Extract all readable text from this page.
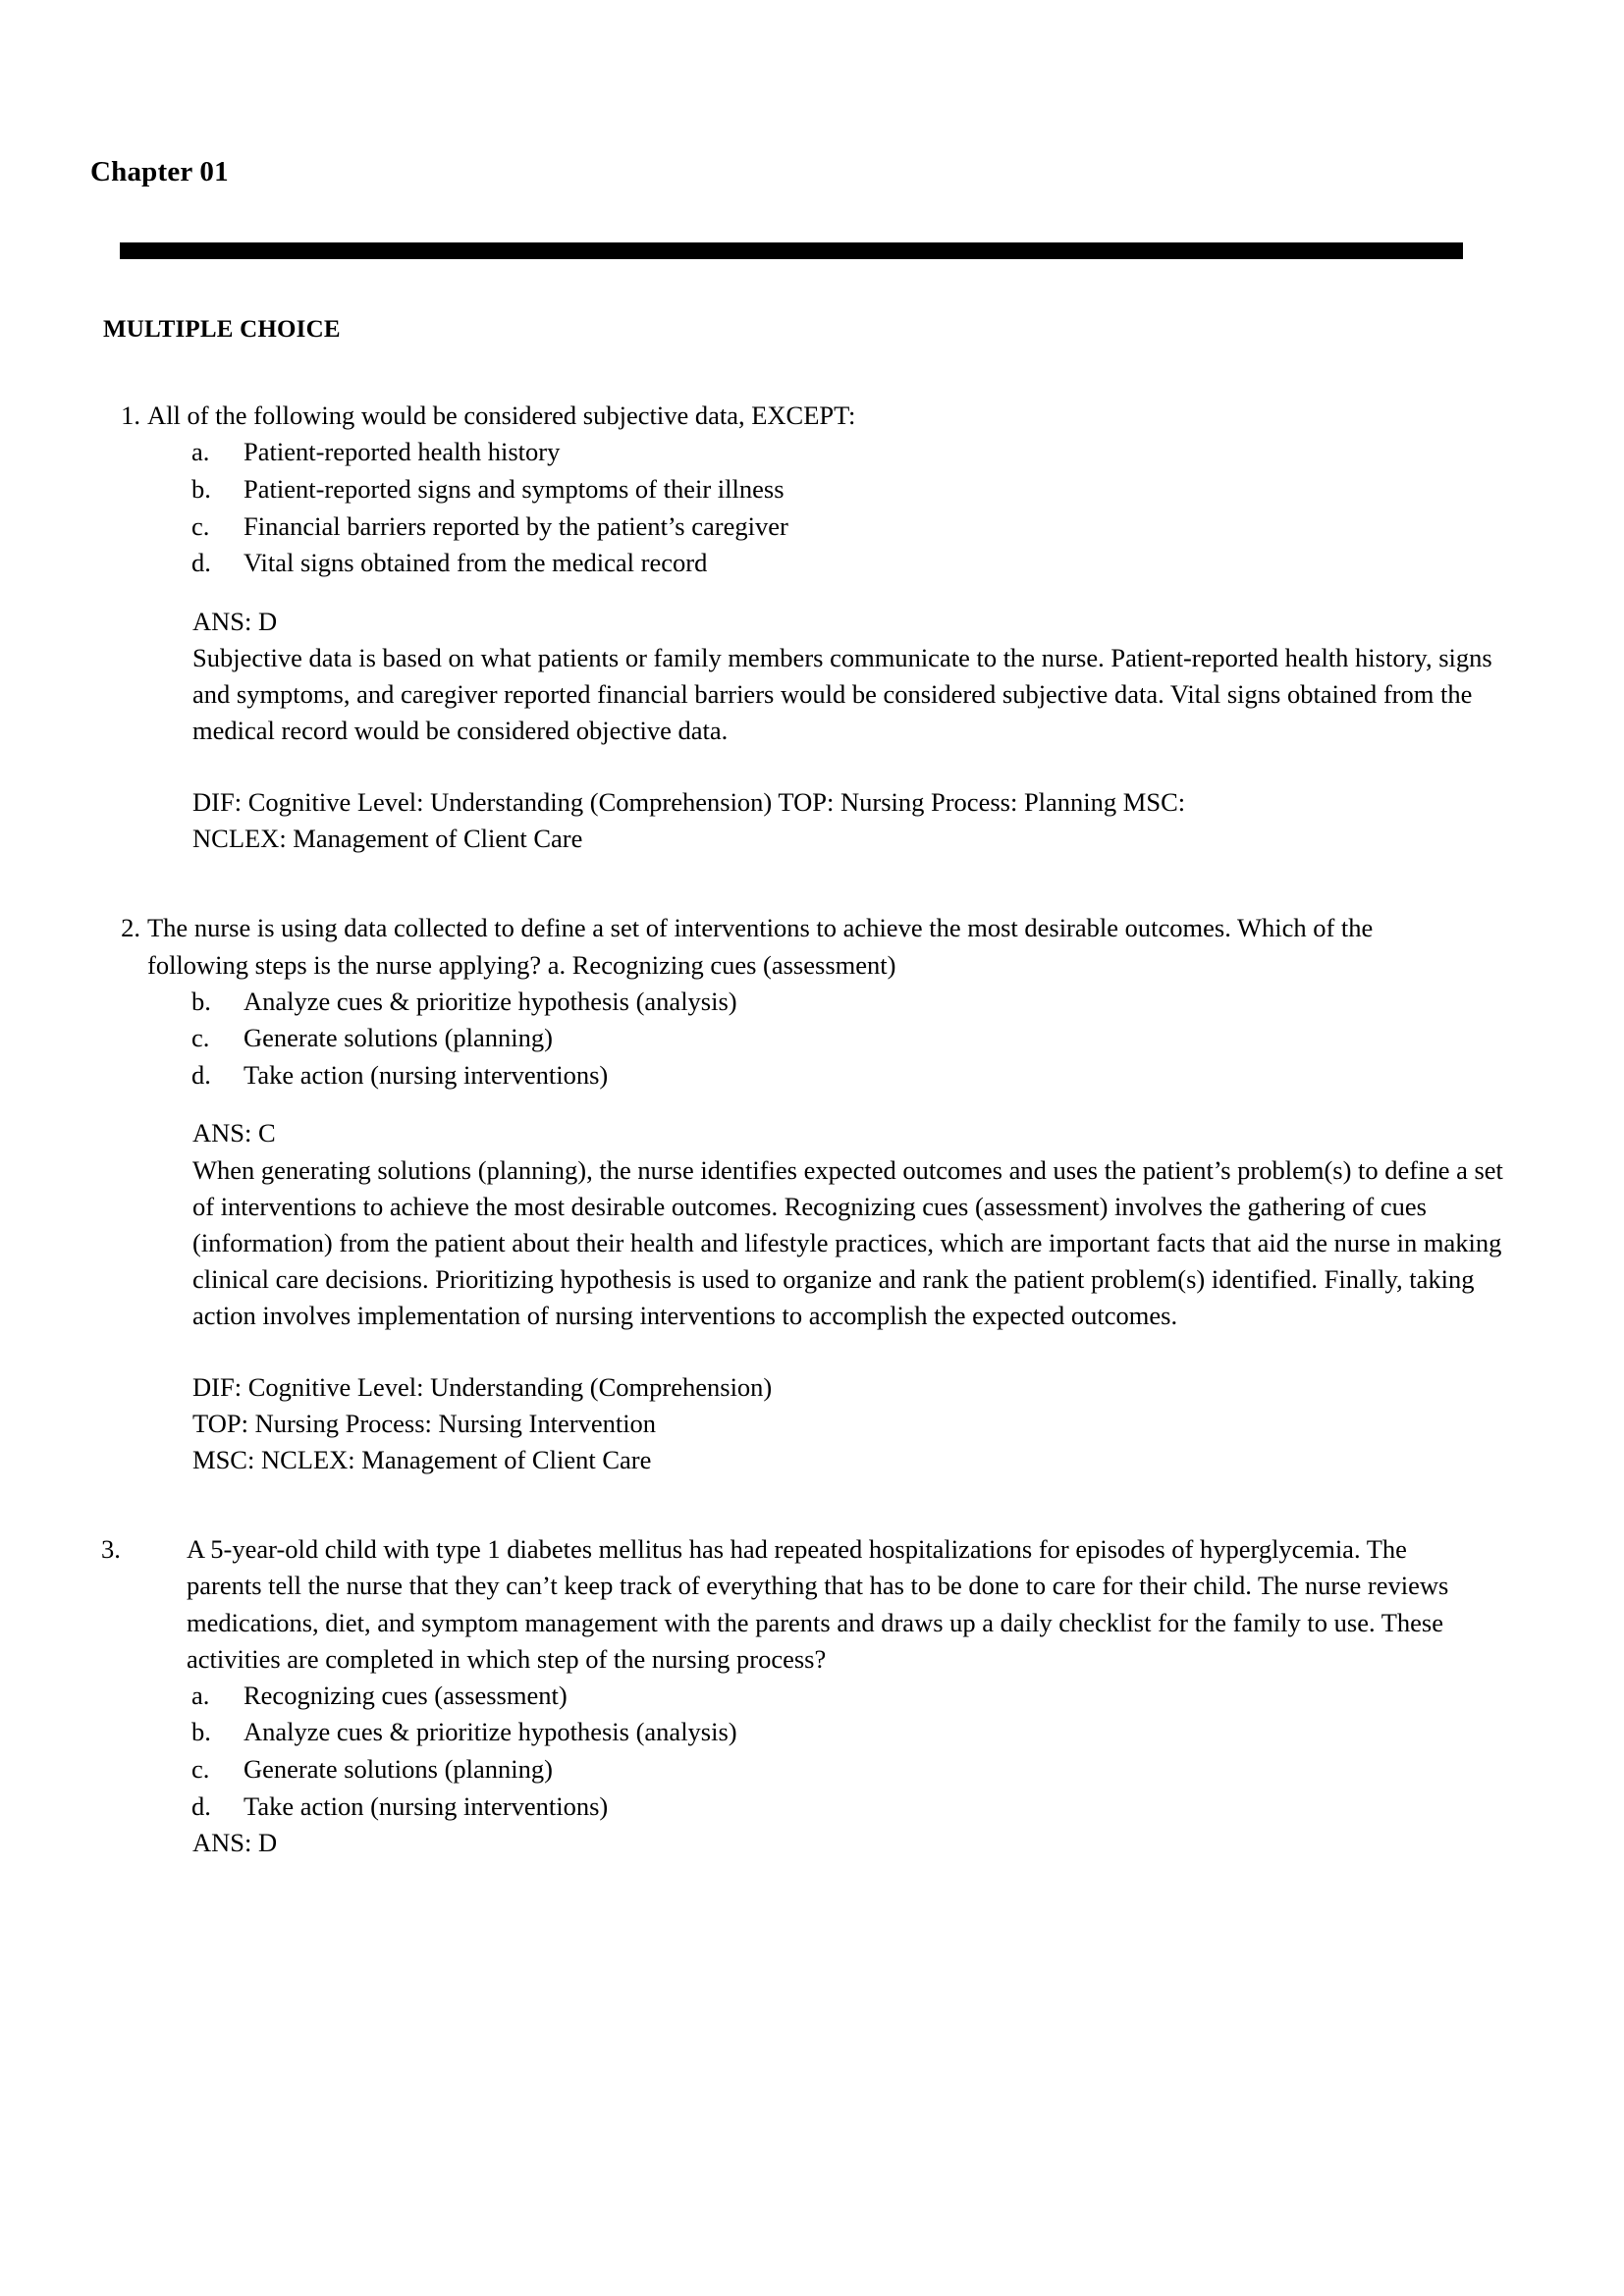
Chapter 01
MULTIPLE CHOICE
1. All of the following would be considered subjective data, EXCEPT:
a.	Patient-reported health history
b.	Patient-reported signs and symptoms of their illness
c.	Financial barriers reported by the patient’s caregiver
d.	Vital signs obtained from the medical record
ANS: D
Subjective data is based on what patients or family members communicate to the nurse. Patient-reported health history, signs and symptoms, and caregiver reported financial barriers would be considered subjective data. Vital signs obtained from the medical record would be considered objective data.
DIF: Cognitive Level: Understanding (Comprehension) TOP: Nursing Process: Planning MSC:
NCLEX: Management of Client Care
2. The nurse is using data collected to define a set of interventions to achieve the most desirable outcomes. Which of the following steps is the nurse applying? a. Recognizing cues (assessment)
b.	Analyze cues & prioritize hypothesis (analysis)
c.	Generate solutions (planning)
d.	Take action (nursing interventions)
ANS: C
When generating solutions (planning), the nurse identifies expected outcomes and uses the patient’s problem(s) to define a set of interventions to achieve the most desirable outcomes. Recognizing cues (assessment) involves the gathering of cues (information) from the patient about their health and lifestyle practices, which are important facts that aid the nurse in making clinical care decisions. Prioritizing hypothesis is used to organize and rank the patient problem(s) identified. Finally, taking action involves implementation of nursing interventions to accomplish the expected outcomes.
DIF: Cognitive Level: Understanding (Comprehension)
TOP: Nursing Process: Nursing Intervention
MSC: NCLEX: Management of Client Care
3.	A 5-year-old child with type 1 diabetes mellitus has had repeated hospitalizations for episodes of hyperglycemia. The parents tell the nurse that they can’t keep track of everything that has to be done to care for their child. The nurse reviews medications, diet, and symptom management with the parents and draws up a daily checklist for the family to use. These activities are completed in which step of the nursing process?
a.	Recognizing cues (assessment)
b.	Analyze cues & prioritize hypothesis (analysis)
c.	Generate solutions (planning)
d.	Take action (nursing interventions)
ANS: D
